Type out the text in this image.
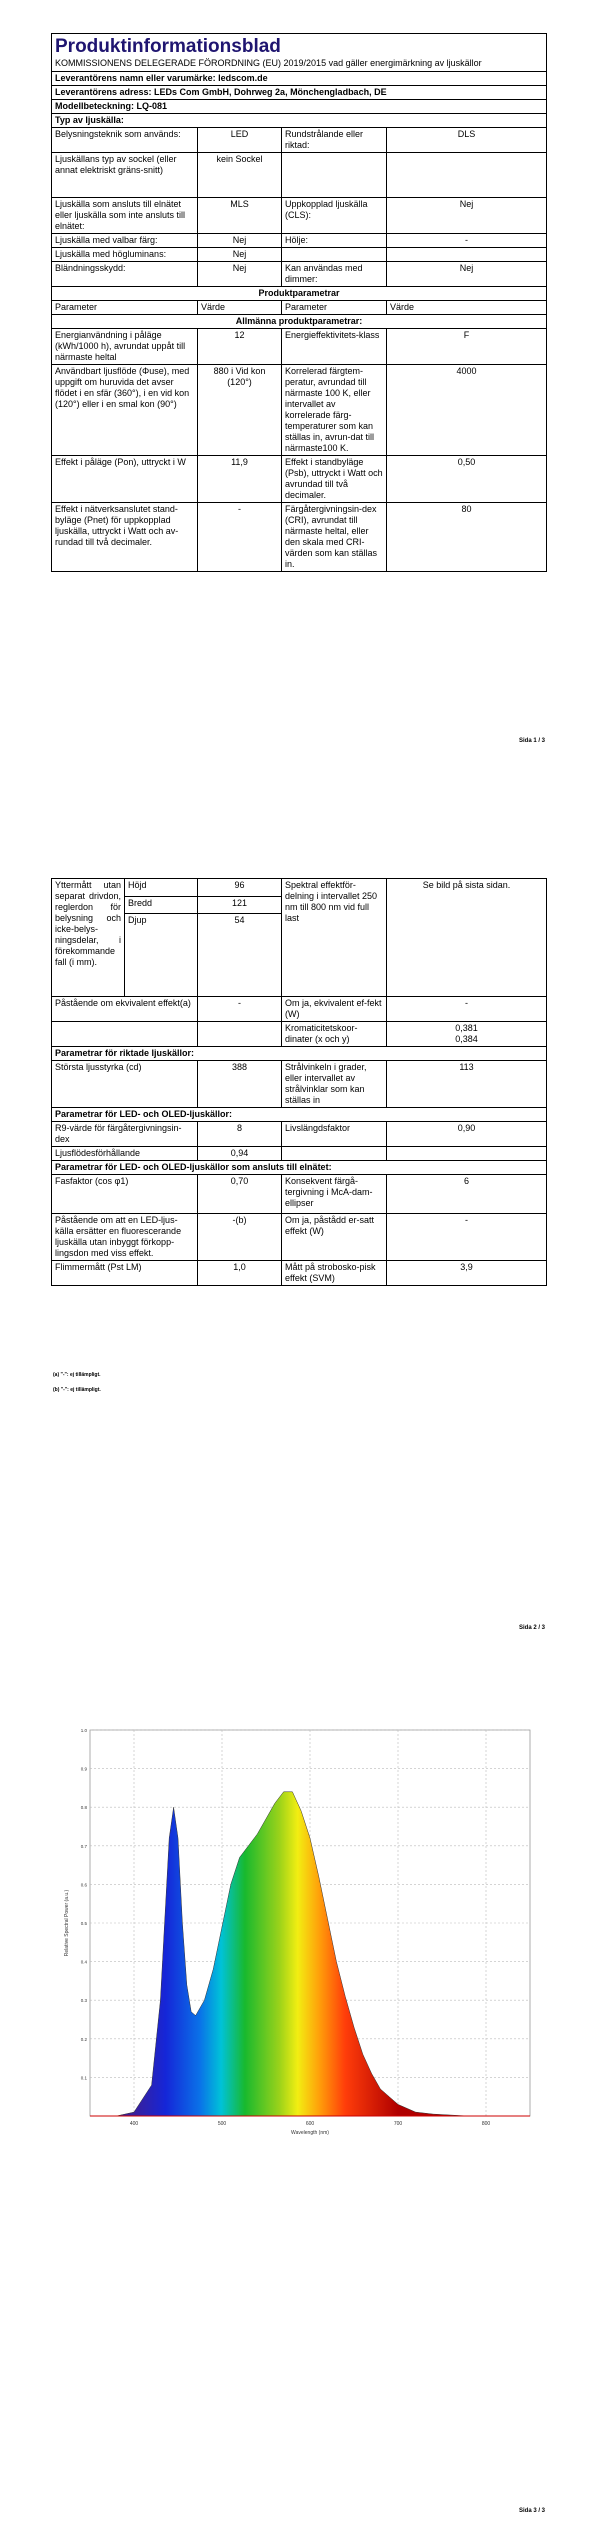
Produktinformationsblad
KOMMISSIONENS DELEGERADE FÖRORDNING (EU) 2019/2015 vad gäller energimärkning av ljuskällor			

Leverantörens namn eller varumärke: ledscom.de			
Leverantörens adress: LEDs Com GmbH, Dohrweg 2a, Mönchengladbach, DE			
Modellbeteckning: LQ-081			
Typ av ljuskälla:			
Belysningsteknik som används:	LED	Rundstrålande eller riktad:	DLS
Ljuskällans typ av sockel (eller annat elektriskt gräns-snitt)	kein Sockel		
Ljuskälla som ansluts till elnätet eller ljuskälla som inte ansluts till elnätet:	MLS	Uppkopplad ljuskälla (CLS):	Nej
Ljuskälla med valbar färg:	Nej	Hölje:	-
Ljuskälla med högluminans:	Nej		
Bländningsskydd:	Nej	Kan användas med dimmer:	Nej
Produktparametrar			
Parameter	Värde	Parameter	Värde
Allmänna produktparametrar:			
Energianvändning i påläge (kWh/1000 h), avrundat uppåt till närmaste heltal	12	Energieffektivitets-klass	F
Användbart ljusflöde (Φuse), med uppgift om huruvida det avser flödet i en sfär (360°), i en vid kon (120°) eller i en smal kon (90°)	880 i Vid kon (120°)	Korrelerad färgtem-peratur, avrundad till närmaste 100 K, eller intervallet av korrelerade färg-temperaturer som kan ställas in, avrun-dat till närmaste100 K.	4000
Effekt i påläge (Pon), uttryckt i W	11,9	Effekt i standbyläge (Psb), uttryckt i Watt och avrundad till två decimaler.	0,50
Effekt i nätverksanslutet stand-byläge (Pnet) för uppkopplad ljuskälla, uttryckt i Watt och av-rundad till två decimaler.	-	Färgåtergivningsin-dex (CRI), avrundat till närmaste heltal, eller den skala med CRI-värden som kan ställas in.	80
Sida 1 / 3
Yttermått utan separat drivdon, reglerdon för belysning och icke-belys-ningsdelar, i förekommande fall (i mm).	Höjd	96	Spektral effektför-delning i intervallet 250 nm till 800 nm vid full last	Se bild på sista sidan.
	Bredd	121		
	Djup	54		
Påstående om ekvivalent effekt(a)		-	Om ja, ekvivalent ef-fekt (W)	-
			Kromaticitetskoor-dinater (x och y)	0,381
0,384

Parametrar för riktade ljuskällor:				
Största ljusstyrka (cd)		388	Strålvinkeln i grader, eller intervallet av strålvinklar som kan ställas in	113
Parametrar för LED- och OLED-ljuskällor:				
R9-värde för färgåtergivningsin-dex		8	Livslängdsfaktor	0,90
Ljusflödesförhållande		0,94		
Parametrar för LED- och OLED-ljuskällor som ansluts till elnätet:				
Fasfaktor (cos φ1)		0,70	Konsekvent färgå-tergivning i McA-dam-ellipser	6
Påstående om att en LED-ljus-källa ersätter en fluorescerande ljuskälla utan inbyggt förkopp-lingsdon med viss effekt.		-(b)	Om ja, påstådd er-satt effekt (W)	-
Flimmermått (Pst LM)		1,0	Mått på strobosko-pisk effekt (SVM)	3,9
(a) "-": ej tillämpligt.
(b) "-": ej tillämpligt.
Sida 2 / 3
400	500	600	700	800
0.1
0.2
0.3
0.4
0.5
0.6
0.7
0.8
0.9
1.0
Relative Spectral Power (a.u.)
Wavelength (nm)
Sida 3 / 3
